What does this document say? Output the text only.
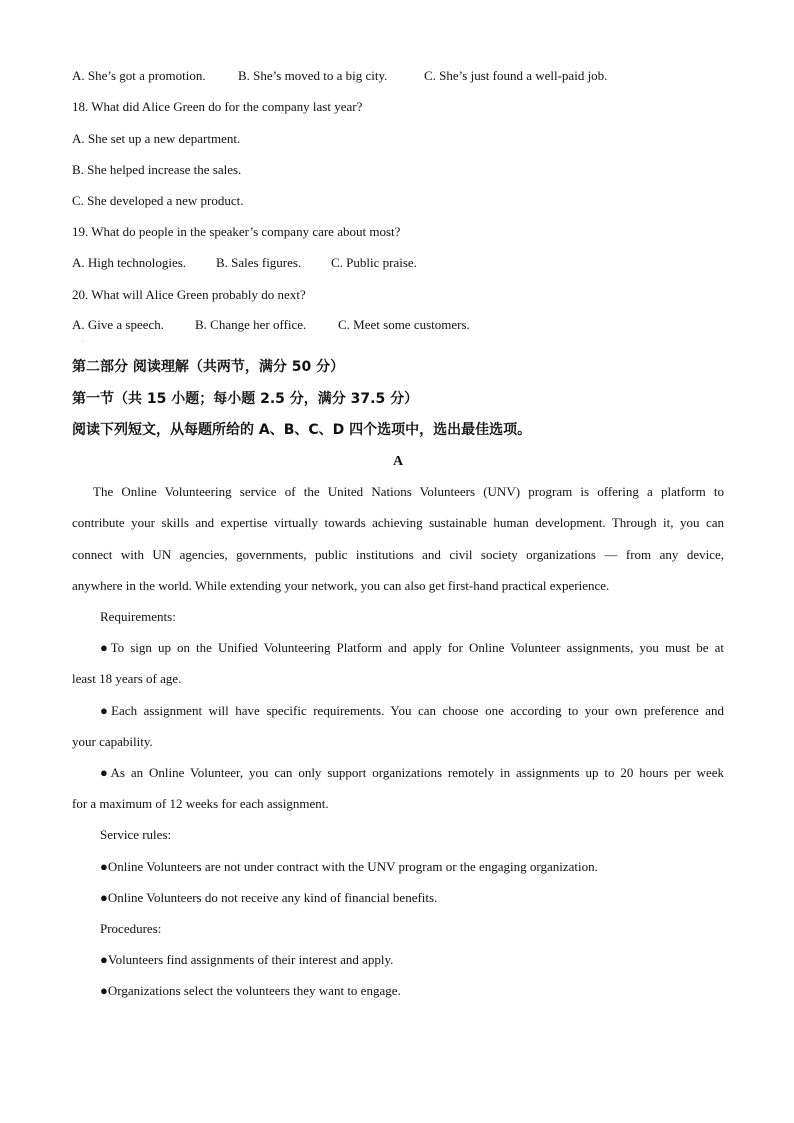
A. She’s got a promotion. B. She’s moved to a big city.	C. She’s just found a well-paid job.
18. What did Alice Green do for the company last year?
A. She set up a new department.
B. She helped increase the sales.
C. She developed a new product.
19. What do people in the speaker’s company care about most?
A. High technologies. B. Sales figures. C. Public praise.
20. What will Alice Green probably do next?
A. Give a speech. B. Change her office. C. Meet some customers.
·
第二部分 阅读理解（共两节，满分 50 分）
第一节（共 15 小题；每小题 2.5 分，满分 37.5 分）
阅读下列短文，从每题所给的 A、B、C、D 四个选项中，选出最佳选项。
A
The Online Volunteering service of the United Nations Volunteers (UNV) program is offering a platform to
contribute your skills and expertise virtually towards achieving sustainable human development. Through it, you can
connect with UN agencies, governments, public institutions and civil society organizations — from any device,
anywhere in the world. While extending your network, you can also get first-hand practical experience.
Requirements:
●To sign up on the Unified Volunteering Platform and apply for Online Volunteer assignments, you must be at
least 18 years of age.
●Each assignment will have specific requirements. You can choose one according to your own preference and
your capability.
●As an Online Volunteer, you can only support organizations remotely in assignments up to 20 hours per week
for a maximum of 12 weeks for each assignment.
Service rules:
●Online Volunteers are not under contract with the UNV program or the engaging organization.
●Online Volunteers do not receive any kind of financial benefits.
Procedures:
●Volunteers find assignments of their interest and apply.
●Organizations select the volunteers they want to engage.
